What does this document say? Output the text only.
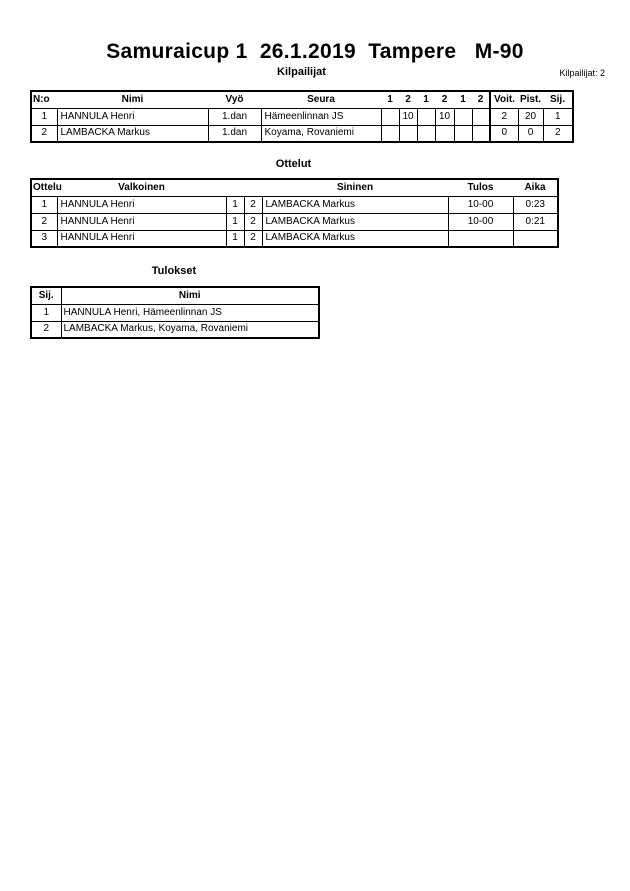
Samuraicup 1  26.1.2019  Tampere   M-90
Kilpailijat	Kilpailijat: 2
N:o	Nimi	Vyö	Seura	1	2	1	2	1	2	Voit.	Pist.	Sij.
1	HANNULA Henri	1.dan	Hämeenlinnan JS		10		10			2	20	1
2	LAMBACKA Markus	1.dan	Koyama, Rovaniemi							0	0	2
Ottelut
Ottelu	Valkoinen			Sininen	Tulos	Aika
1	HANNULA Henri	1	2	LAMBACKA Markus	10-00	0:23
2	HANNULA Henri	1	2	LAMBACKA Markus	10-00	0:21
3	HANNULA Henri	1	2	LAMBACKA Markus		
Tulokset
Sij.	Nimi
1	HANNULA Henri, Hämeenlinnan JS
2	LAMBACKA Markus, Koyama, Rovaniemi
